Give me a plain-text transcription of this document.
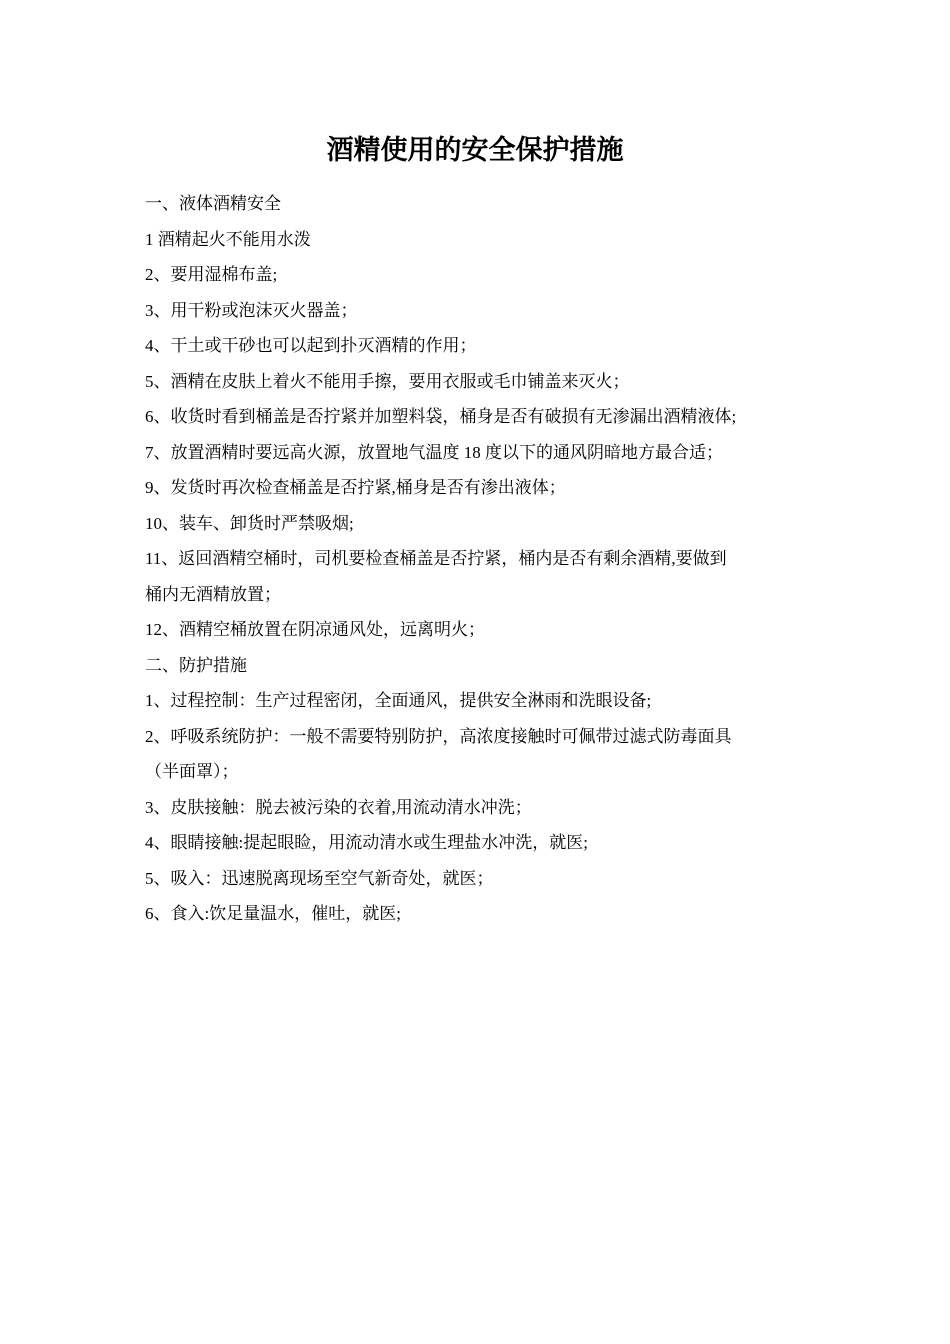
酒精使用的安全保护措施

一、液体酒精安全

1 酒精起火不能用水泼

2、要用湿棉布盖;

3、用干粉或泡沫灭火器盖；

4、干土或干砂也可以起到扑灭酒精的作用；

5、酒精在皮肤上着火不能用手擦，要用衣服或毛巾铺盖来灭火；

6、收货时看到桶盖是否拧紧并加塑料袋，桶身是否有破损有无渗漏出酒精液体;

7、放置酒精时要远高火源，放置地气温度 18 度以下的通风阴暗地方最合适；

9、发货时再次检查桶盖是否拧紧,桶身是否有渗出液体；

10、装车、卸货时严禁吸烟;

11、返回酒精空桶时，司机要检查桶盖是否拧紧，桶内是否有剩余酒精,要做到

桶内无酒精放置；

12、酒精空桶放置在阴凉通风处，远离明火；

二、防护措施

1、过程控制：生产过程密闭，全面通风，提供安全淋雨和洗眼设备;

2、呼吸系统防护：一般不需要特别防护，高浓度接触时可佩带过滤式防毒面具

（半面罩）；

3、皮肤接触：脱去被污染的衣着,用流动清水冲洗；

4、眼睛接触:提起眼睑，用流动清水或生理盐水冲洗，就医;

5、吸入：迅速脱离现场至空气新奇处，就医；

6、食入:饮足量温水，催吐，就医;
